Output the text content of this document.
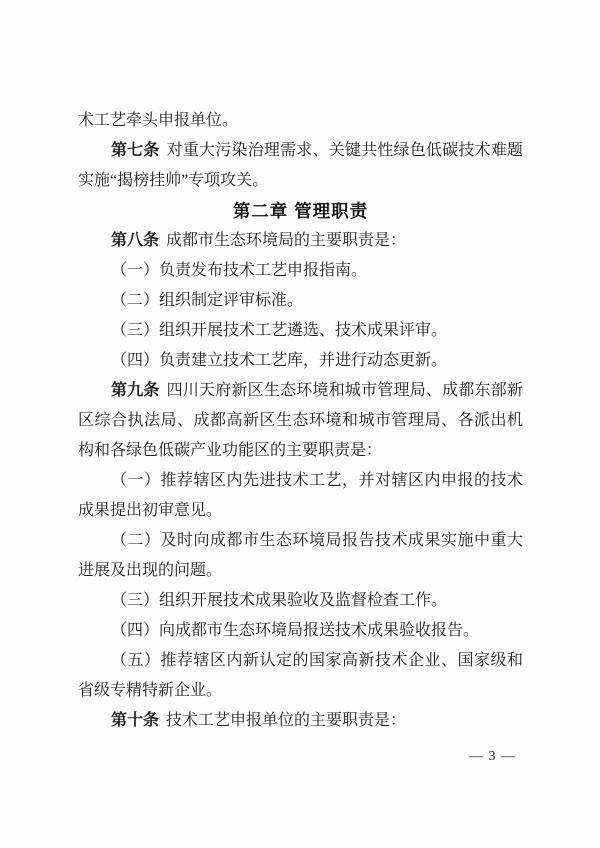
术工艺牵头申报单位。

第七条 对重大污染治理需求、关键共性绿色低碳技术难题实施“揭榜挂帅”专项攻关。

第二章 管理职责

第八条 成都市生态环境局的主要职责是：

（一）负责发布技术工艺申报指南。

（二）组织制定评审标准。

（三）组织开展技术工艺遴选、技术成果评审。

（四）负责建立技术工艺库，并进行动态更新。

第九条 四川天府新区生态环境和城市管理局、成都东部新区综合执法局、成都高新区生态环境和城市管理局、各派出机构和各绿色低碳产业功能区的主要职责是：

（一）推荐辖区内先进技术工艺，并对辖区内申报的技术成果提出初审意见。

（二）及时向成都市生态环境局报告技术成果实施中重大进展及出现的问题。

（三）组织开展技术成果验收及监督检查工作。

（四）向成都市生态环境局报送技术成果验收报告。

（五）推荐辖区内新认定的国家高新技术企业、国家级和省级专精特新企业。

第十条 技术工艺申报单位的主要职责是：

— 3 —
